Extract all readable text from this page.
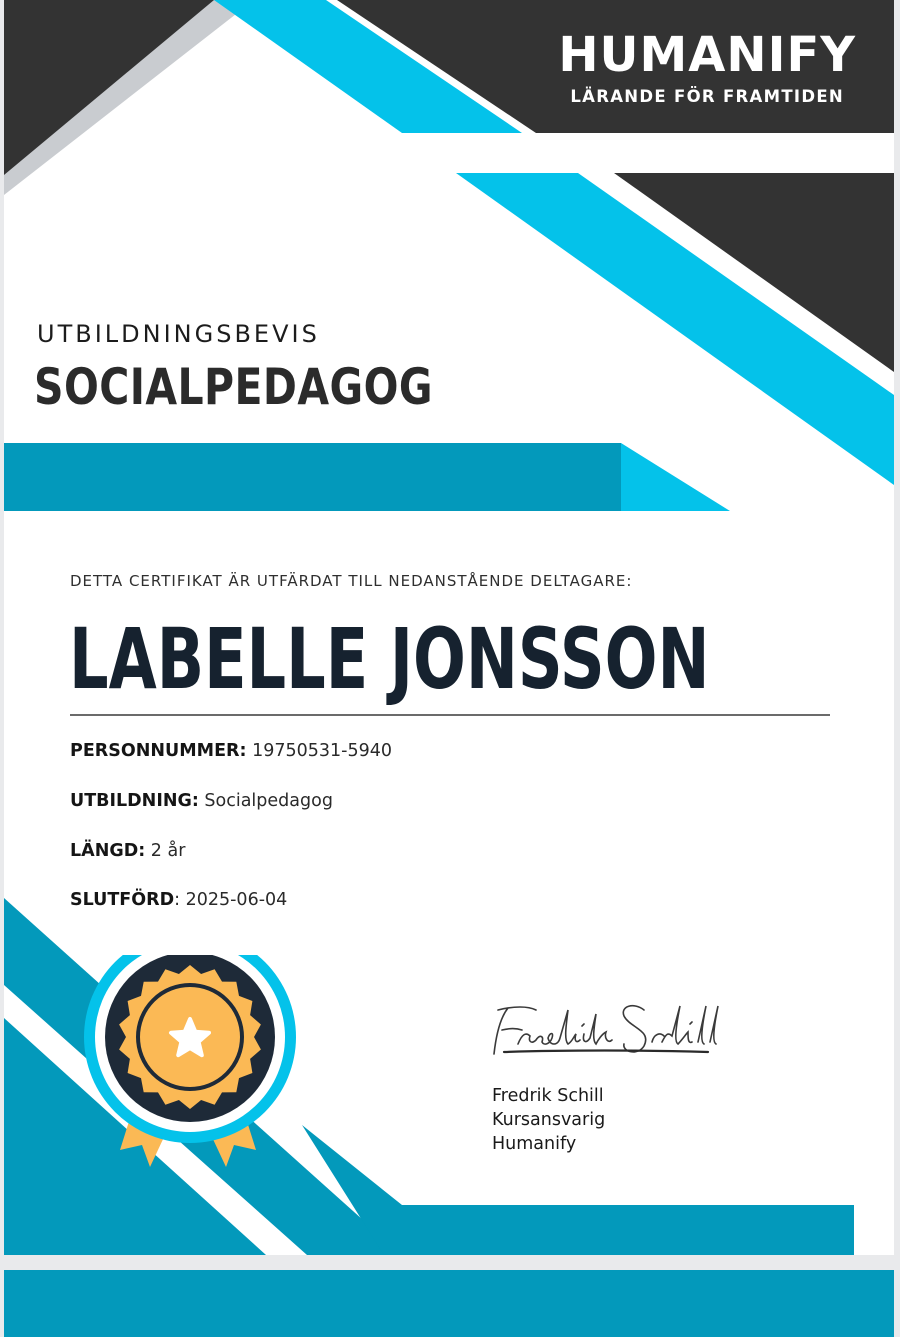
HUMANIFY
LÄRANDE FÖR FRAMTIDEN
UTBILDNINGSBEVIS
SOCIALPEDAGOG
DETTA CERTIFIKAT ÄR UTFÄRDAT TILL NEDANSTÅENDE DELTAGARE:
LABELLE JONSSON
PERSONNUMMER: 19750531-5940
UTBILDNING: Socialpedagog
LÄNGD: 2 år
SLUTFÖRD: 2025-06-04
Fredrik Schill
Kursansvarig
Humanify
